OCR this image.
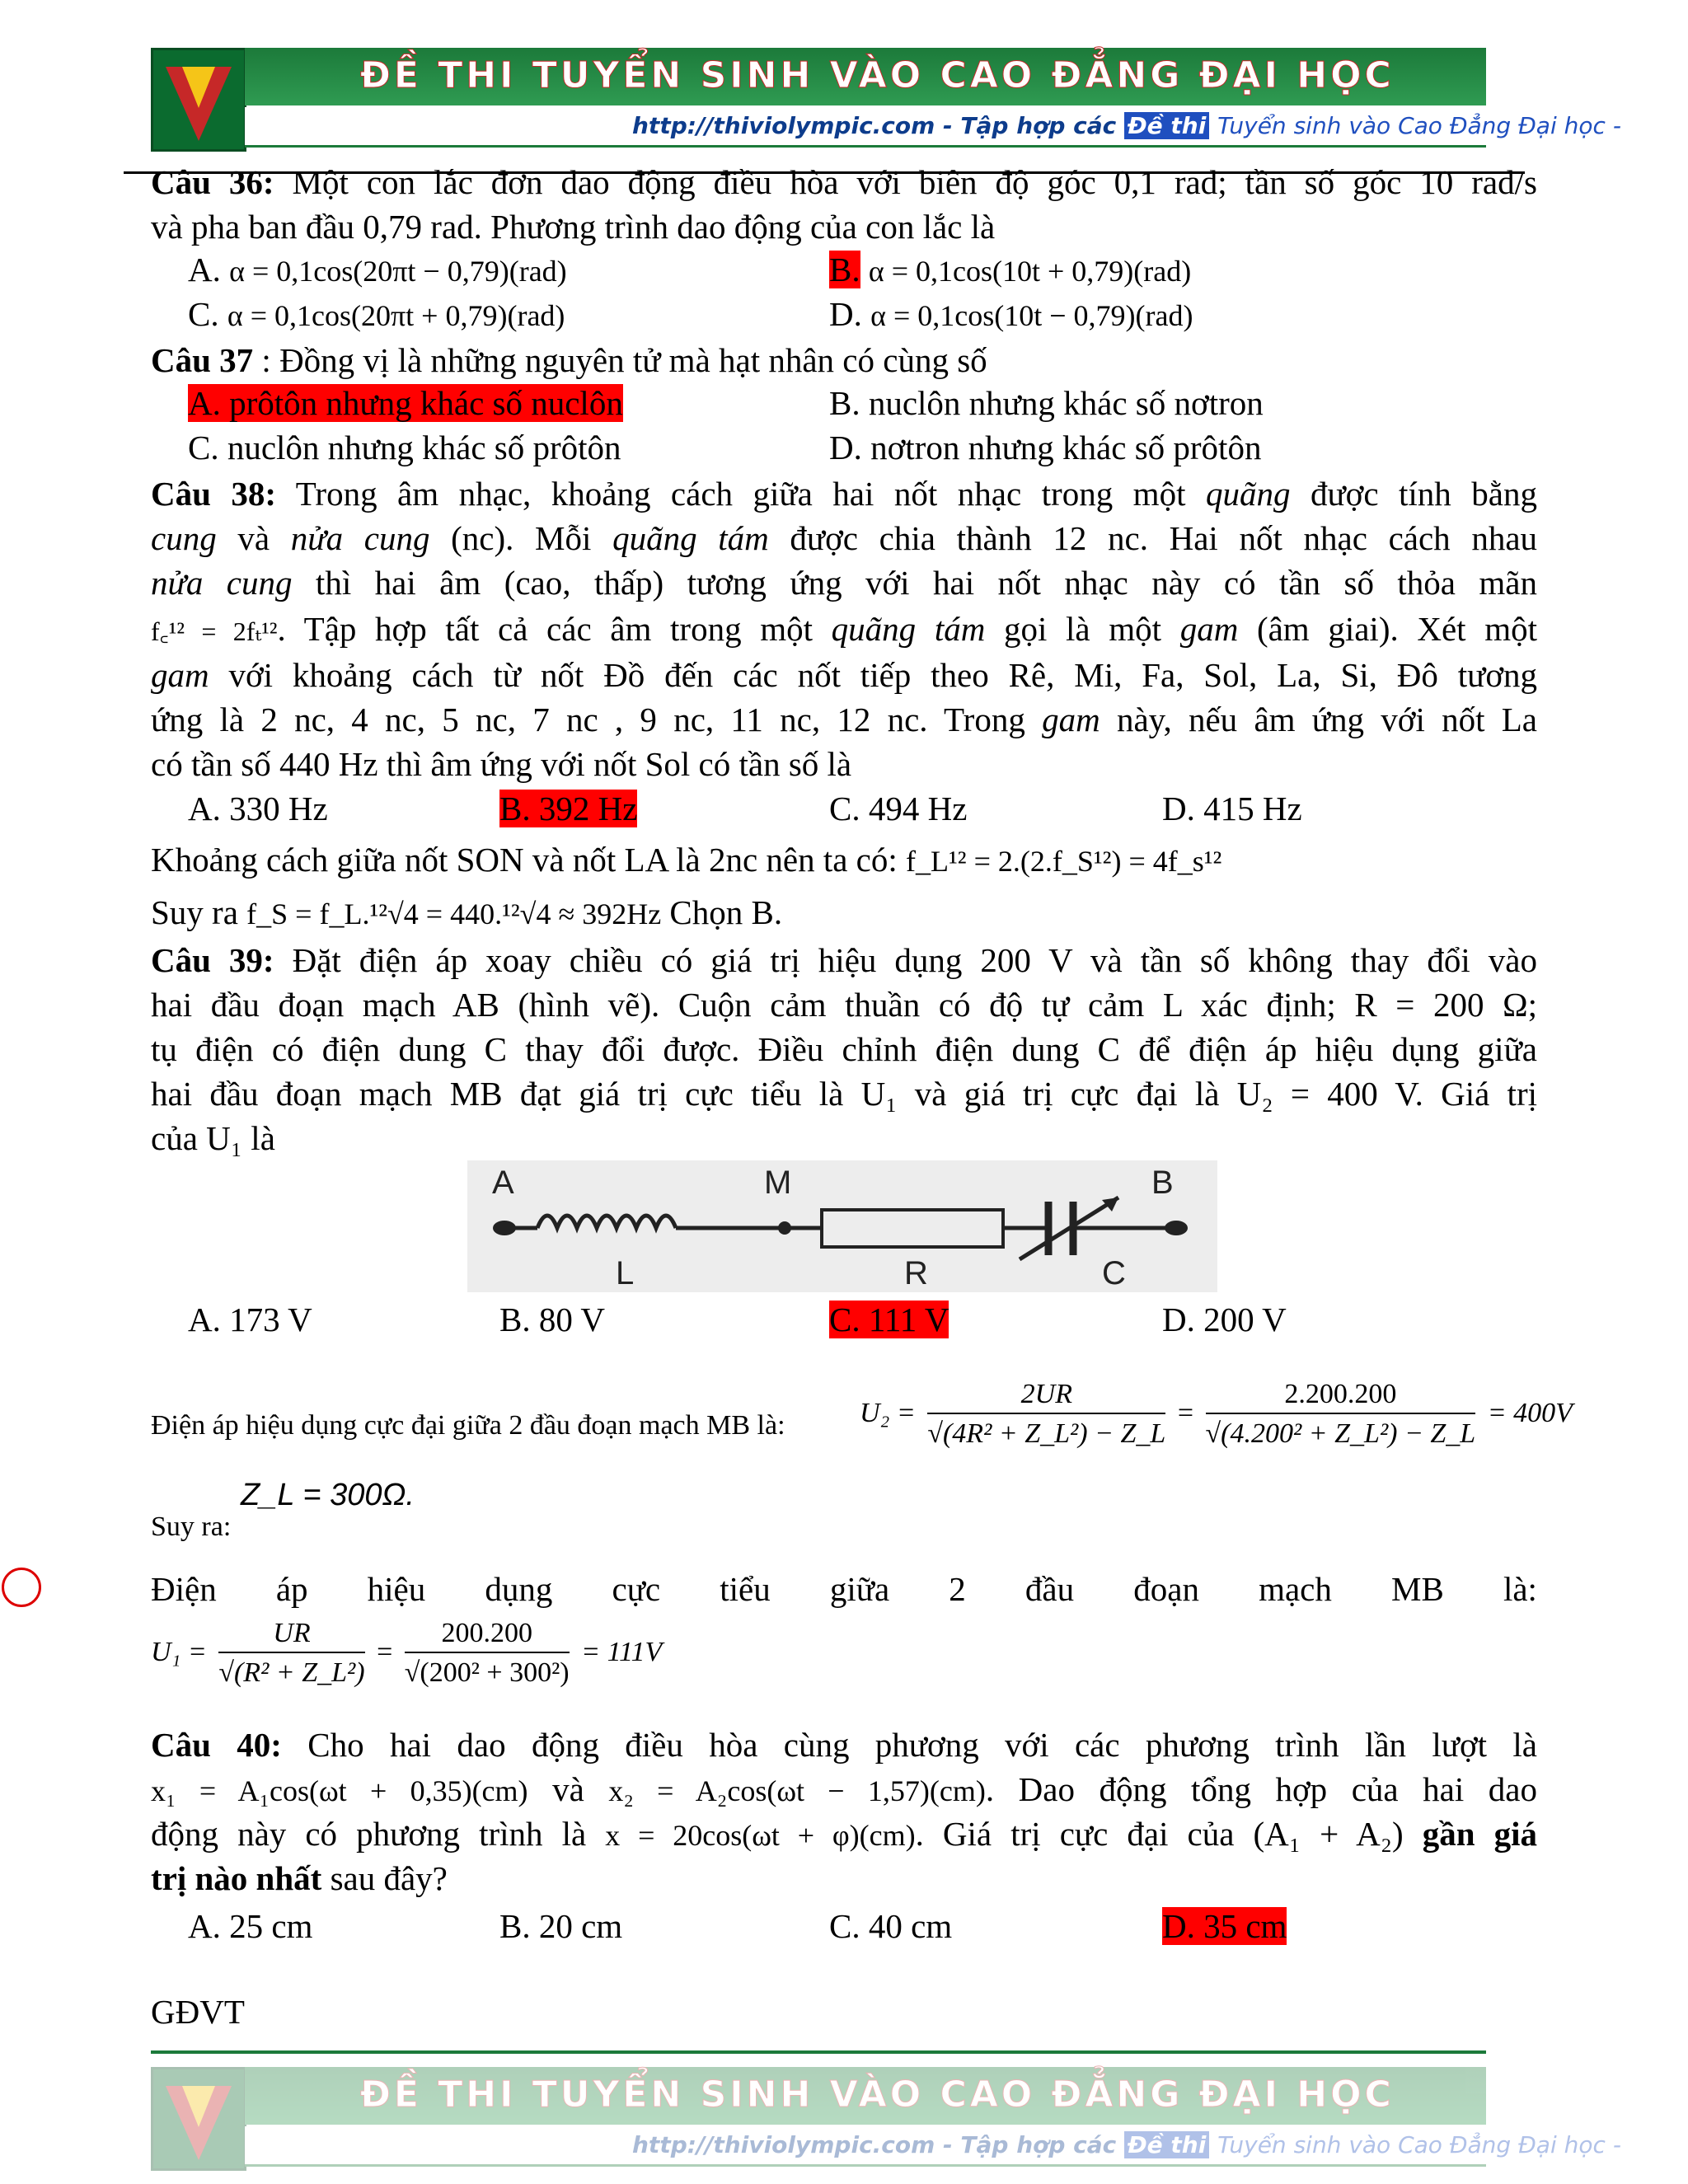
ĐỀ THI TUYỂN SINH VÀO CAO ĐẲNG ĐẠI HỌC
http://thiviolympic.com - Tập hợp các Đề thi Tuyển sinh vào Cao Đẳng Đại học -
Câu 36: Một con lắc đơn dao động điều hòa với biên độ góc 0,1 rad; tần số góc 10 rad/s
và pha ban đầu 0,79 rad. Phương trình dao động của con lắc là
A. α = 0,1cos(20πt − 0,79)(rad)	B. α = 0,1cos(10t + 0,79)(rad)
C. α = 0,1cos(20πt + 0,79)(rad)	D. α = 0,1cos(10t − 0,79)(rad)
Câu 37 : Đồng vị là những nguyên tử mà hạt nhân có cùng số
A. prôtôn nhưng khác số nuclôn	B. nuclôn nhưng khác số nơtron
C. nuclôn nhưng khác số prôtôn	D. nơtron nhưng khác số prôtôn
Câu 38: Trong âm nhạc, khoảng cách giữa hai nốt nhạc trong một quãng được tính bằng
cung và nửa cung (nc). Mỗi quãng tám được chia thành 12 nc. Hai nốt nhạc cách nhau
nửa cung thì hai âm (cao, thấp) tương ứng với hai nốt nhạc này có tần số thỏa mãn
f꜀¹² = 2fₜ¹². Tập hợp tất cả các âm trong một quãng tám gọi là một gam (âm giai). Xét một
gam với khoảng cách từ nốt Đồ đến các nốt tiếp theo Rê, Mi, Fa, Sol, La, Si, Đô tương
ứng là 2 nc, 4 nc, 5 nc, 7 nc , 9 nc, 11 nc, 12 nc. Trong gam này, nếu âm ứng với nốt La
có tần số 440 Hz thì âm ứng với nốt Sol có tần số là
A. 330 Hz	B. 392 Hz	C. 494 Hz	D. 415 Hz
Khoảng cách giữa nốt SON và nốt LA là 2nc nên ta có: f_L¹² = 2.(2.f_S¹²) = 4f_s¹²
Suy ra f_S = f_L.¹²√4 = 440.¹²√4 ≈ 392Hz Chọn B.
Câu 39: Đặt điện áp xoay chiều có giá trị hiệu dụng 200 V và tần số không thay đổi vào
hai đầu đoạn mạch AB (hình vẽ). Cuộn cảm thuần có độ tự cảm L xác định; R = 200 Ω;
tụ điện có điện dung C thay đổi được. Điều chỉnh điện dung C để điện áp hiệu dụng giữa
hai đầu đoạn mạch MB đạt giá trị cực tiểu là U₁ và giá trị cực đại là U₂ = 400 V. Giá trị
của U₁ là
A	M	B
L	R	C
A. 173 V	B. 80 V	C. 111 V	D. 200 V
Điện áp hiệu dụng cực đại giữa 2 đầu đoạn mạch MB là:	$U_2 = \frac{2UR}{\text{√(4R² + Z\_L²) − Z\_L}} = \frac{2.200.200}{\text{√(4.200² + Z\_L²) − Z\_L}} = 400V$
Z_L = 300Ω.
Suy ra:
Điện áp hiệu dụng cực tiểu giữa 2 đầu đoạn mạch MB là:
$U_1 = \frac{UR}{\text{√(R² + Z\_L²)}} = \frac{200.200}{\text{√(200² + 300²)}} = 111V$
Câu 40: Cho hai dao động điều hòa cùng phương với các phương trình lần lượt là
x₁ = A₁cos(ωt + 0,35)(cm) và x₂ = A₂cos(ωt − 1,57)(cm). Dao động tổng hợp của hai dao
động này có phương trình là x = 20cos(ωt + φ)(cm). Giá trị cực đại của (A₁ + A₂) gần giá
trị nào nhất sau đây?
A. 25 cm	B. 20 cm	C. 40 cm	D. 35 cm
GĐVT
ĐỀ THI TUYỂN SINH VÀO CAO ĐẲNG ĐẠI HỌC
http://thiviolympic.com - Tập hợp các Đề thi Tuyển sinh vào Cao Đẳng Đại học -
